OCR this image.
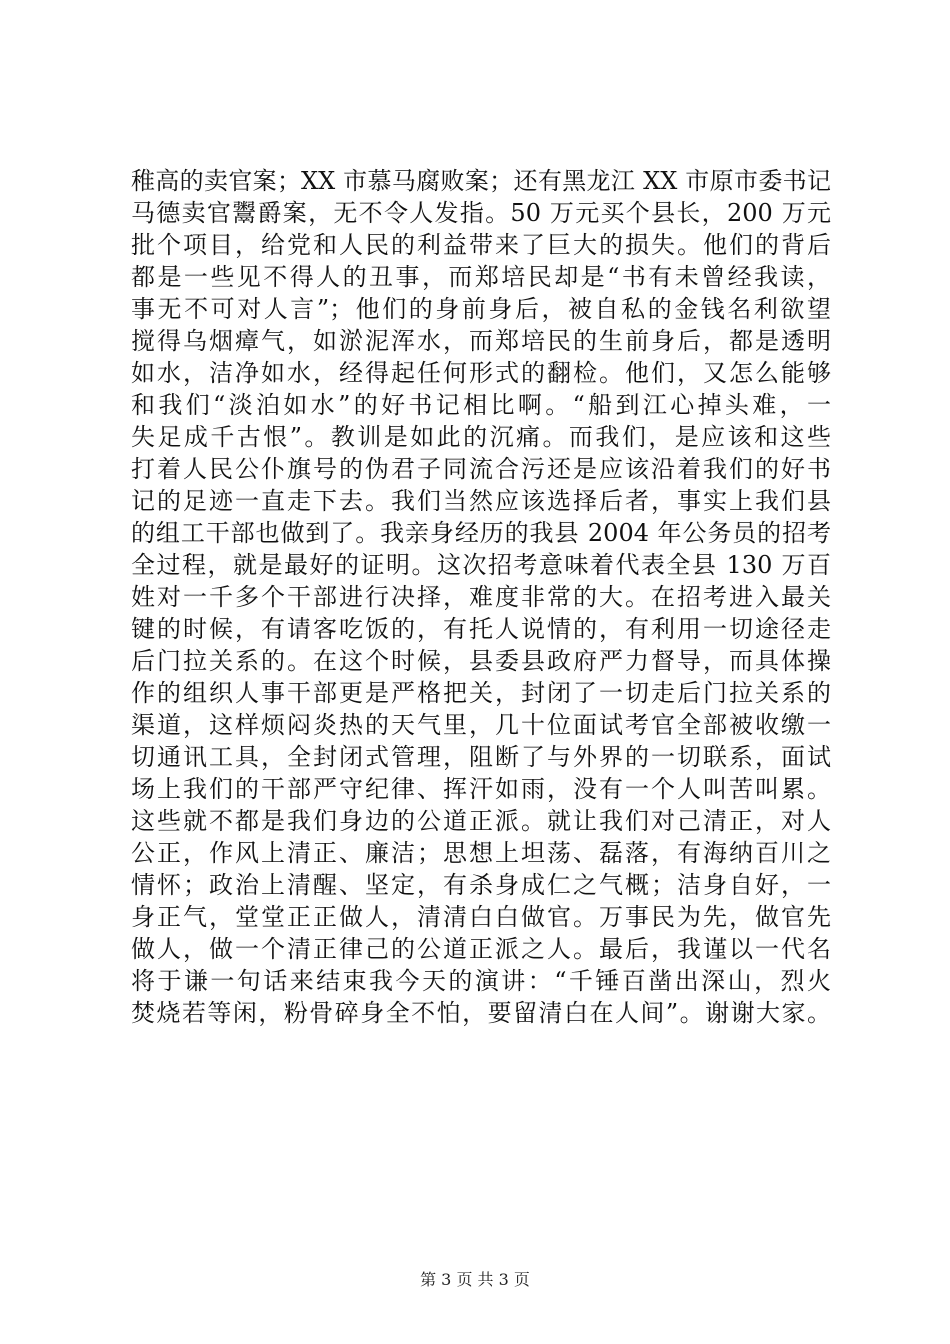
稚高的卖官案；XX 市慕马腐败案；还有黑龙江 XX 市原市委书记
马德卖官鬻爵案，无不令人发指。50 万元买个县长，200 万元
批个项目，给党和人民的利益带来了巨大的损失。他们的背后
都是一些见不得人的丑事，而郑培民却是“书有未曾经我读，
事无不可对人言”；他们的身前身后，被自私的金钱名利欲望
搅得乌烟瘴气，如淤泥浑水，而郑培民的生前身后，都是透明
如水，洁净如水，经得起任何形式的翻检。他们，又怎么能够
和我们“淡泊如水”的好书记相比啊。“船到江心掉头难，一
失足成千古恨”。教训是如此的沉痛。而我们，是应该和这些
打着人民公仆旗号的伪君子同流合污还是应该沿着我们的好书
记的足迹一直走下去。我们当然应该选择后者，事实上我们县
的组工干部也做到了。我亲身经历的我县 2004 年公务员的招考
全过程，就是最好的证明。这次招考意味着代表全县 130 万百
姓对一千多个干部进行决择，难度非常的大。在招考进入最关
键的时候，有请客吃饭的，有托人说情的，有利用一切途径走
后门拉关系的。在这个时候，县委县政府严力督导，而具体操
作的组织人事干部更是严格把关，封闭了一切走后门拉关系的
渠道，这样烦闷炎热的天气里，几十位面试考官全部被收缴一
切通讯工具，全封闭式管理，阻断了与外界的一切联系，面试
场上我们的干部严守纪律、挥汗如雨，没有一个人叫苦叫累。
这些就不都是我们身边的公道正派。就让我们对己清正，对人
公正，作风上清正、廉洁；思想上坦荡、磊落，有海纳百川之
情怀；政治上清醒、坚定，有杀身成仁之气概；洁身自好，一
身正气，堂堂正正做人，清清白白做官。万事民为先，做官先
做人，做一个清正律己的公道正派之人。最后，我谨以一代名
将于谦一句话来结束我今天的演讲：“千锤百凿出深山，烈火
焚烧若等闲，粉骨碎身全不怕，要留清白在人间”。谢谢大家。
第 3 页 共 3 页
